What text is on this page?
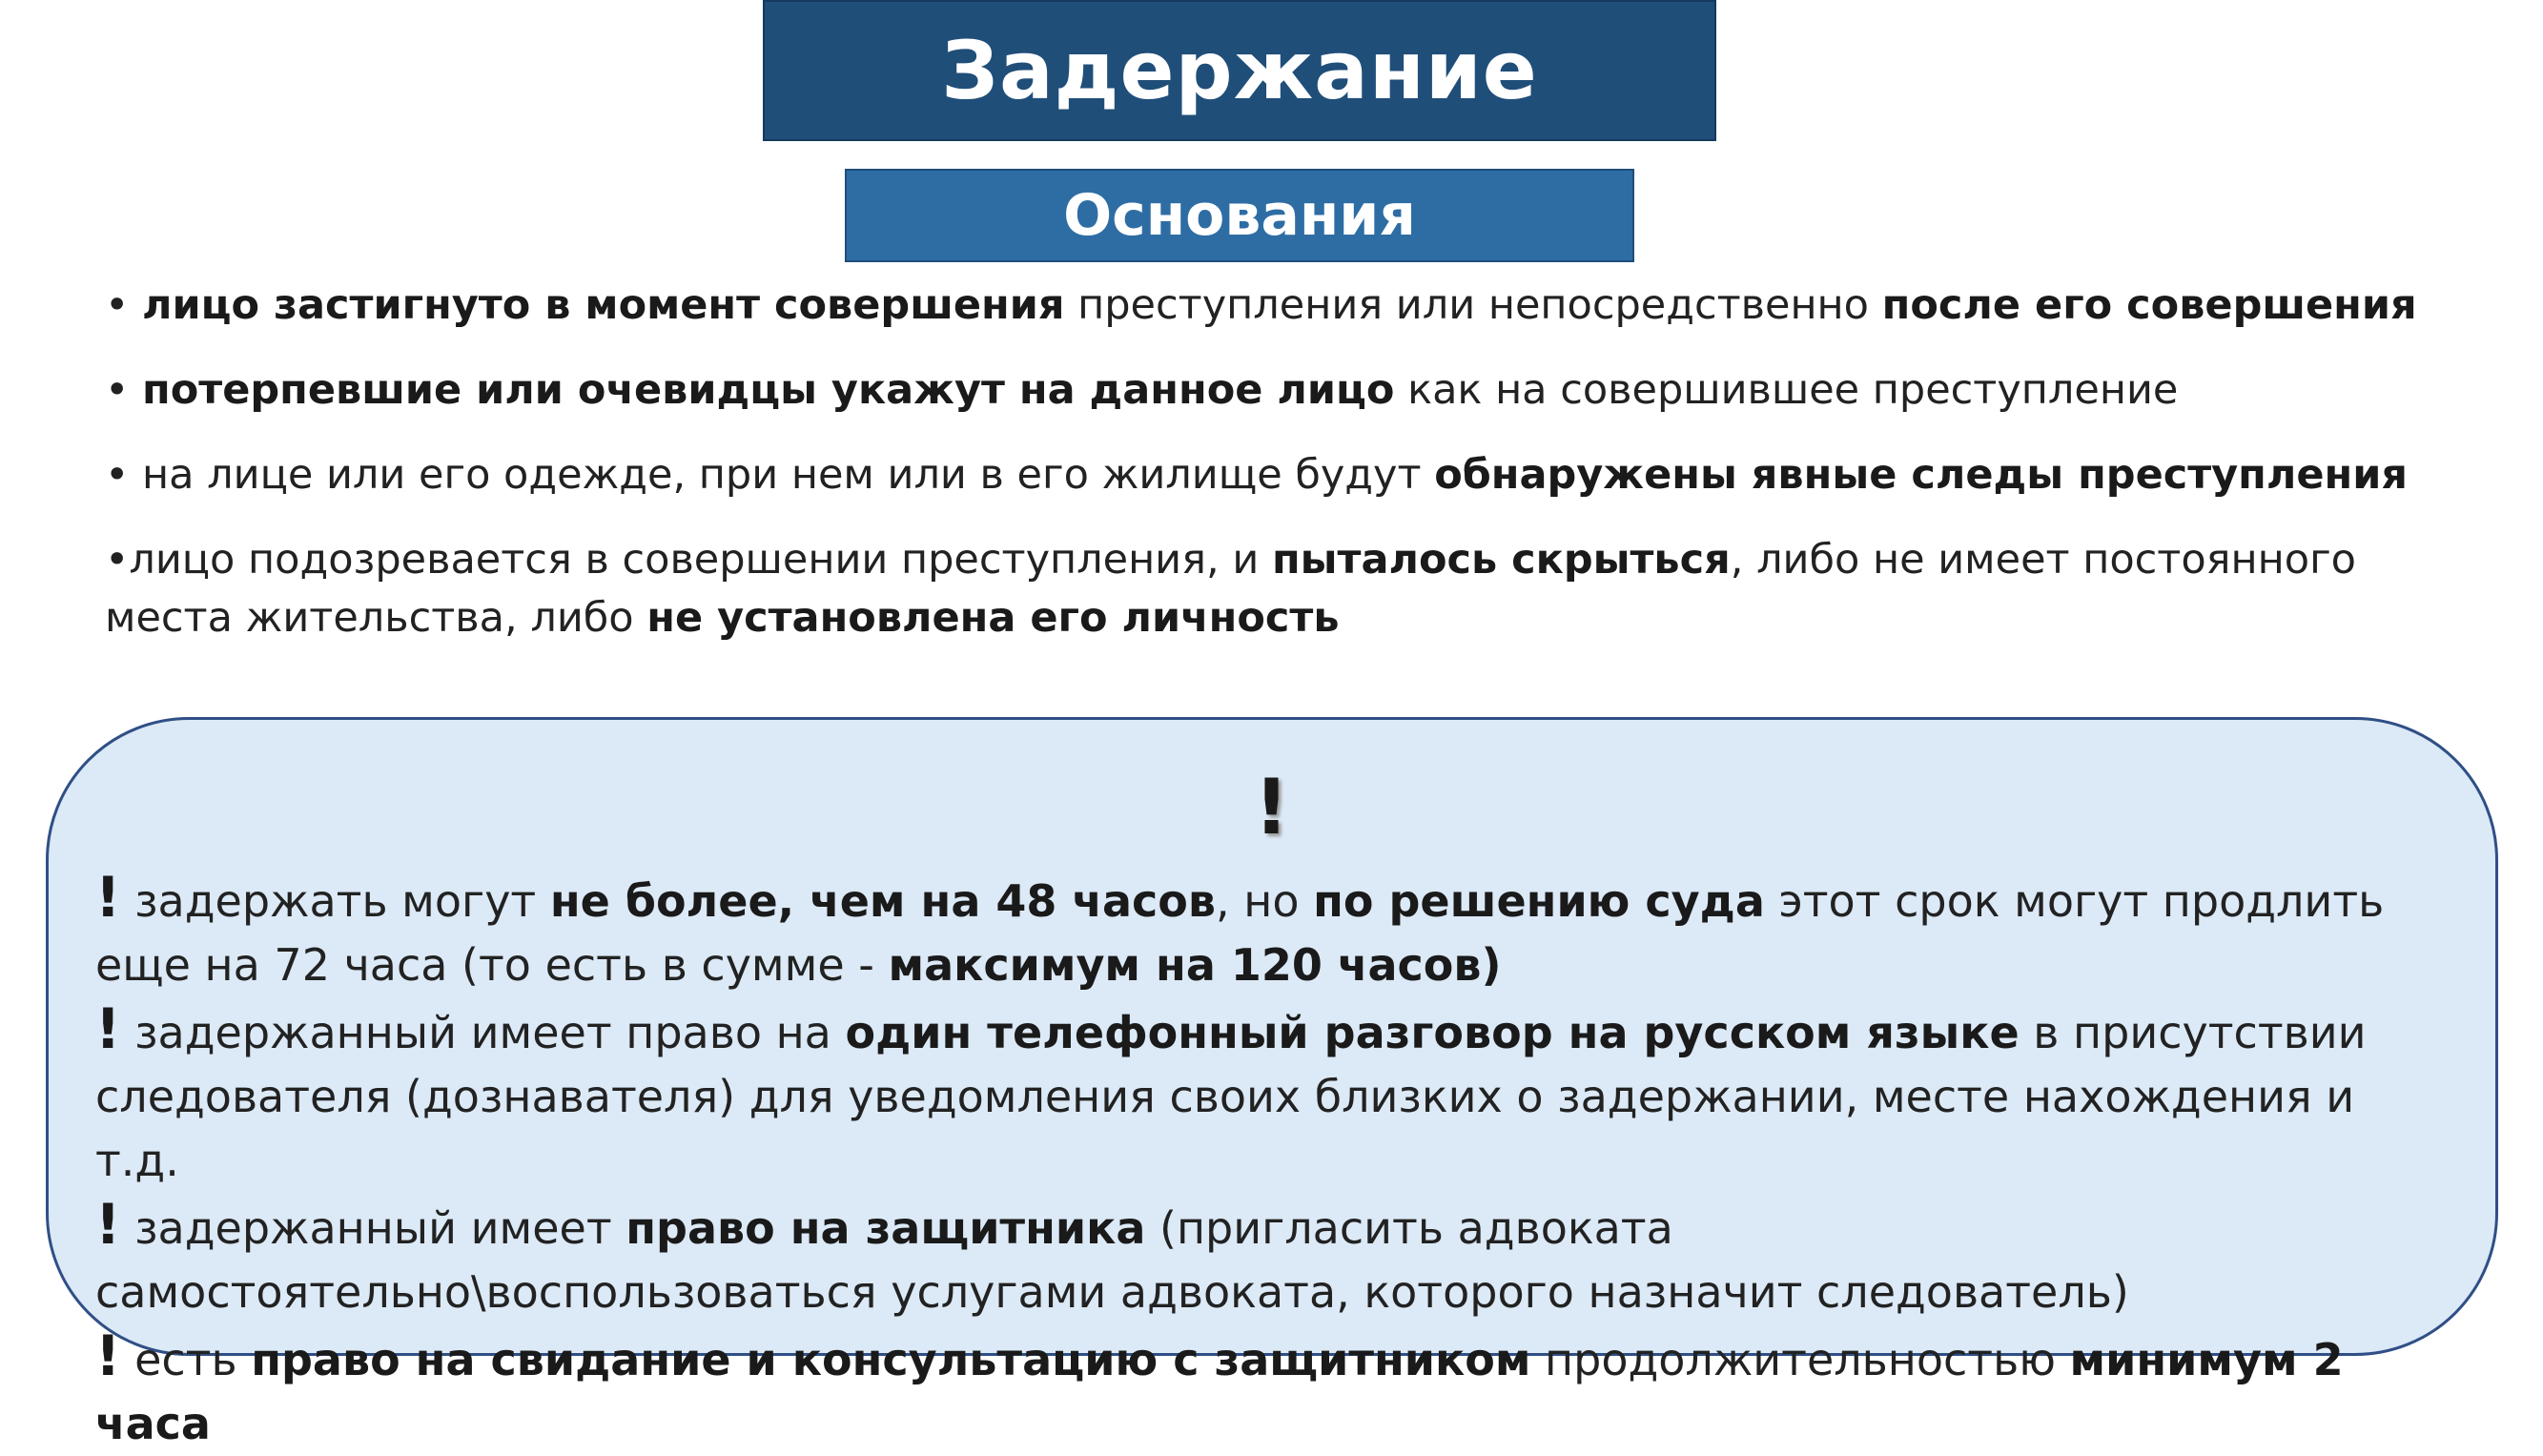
Задержание
Основания
• лицо застигнуто в момент совершения преступления или непосредственно после его совершения
• потерпевшие или очевидцы укажут на данное лицо как на совершившее преступление
• на лице или его одежде, при нем или в его жилище будут обнаружены явные следы преступления
•лицо подозревается в совершении преступления, и пыталось скрыться, либо не имеет постоянного места жительства, либо не установлена его личность
!
! задержать могут не более, чем на 48 часов, но по решению суда этот срок могут продлить еще на 72 часа (то есть в сумме - максимум на 120 часов)
! задержанный имеет право на один телефонный разговор на русском языке в присутствии следователя (дознавателя) для уведомления своих близких о задержании, месте нахождения и т.д.
! задержанный имеет право на защитника (пригласить адвоката самостоятельно\воспользоваться услугами адвоката, которого назначит следователь)
! есть право на свидание и консультацию с защитником продолжительностью минимум 2 часа
